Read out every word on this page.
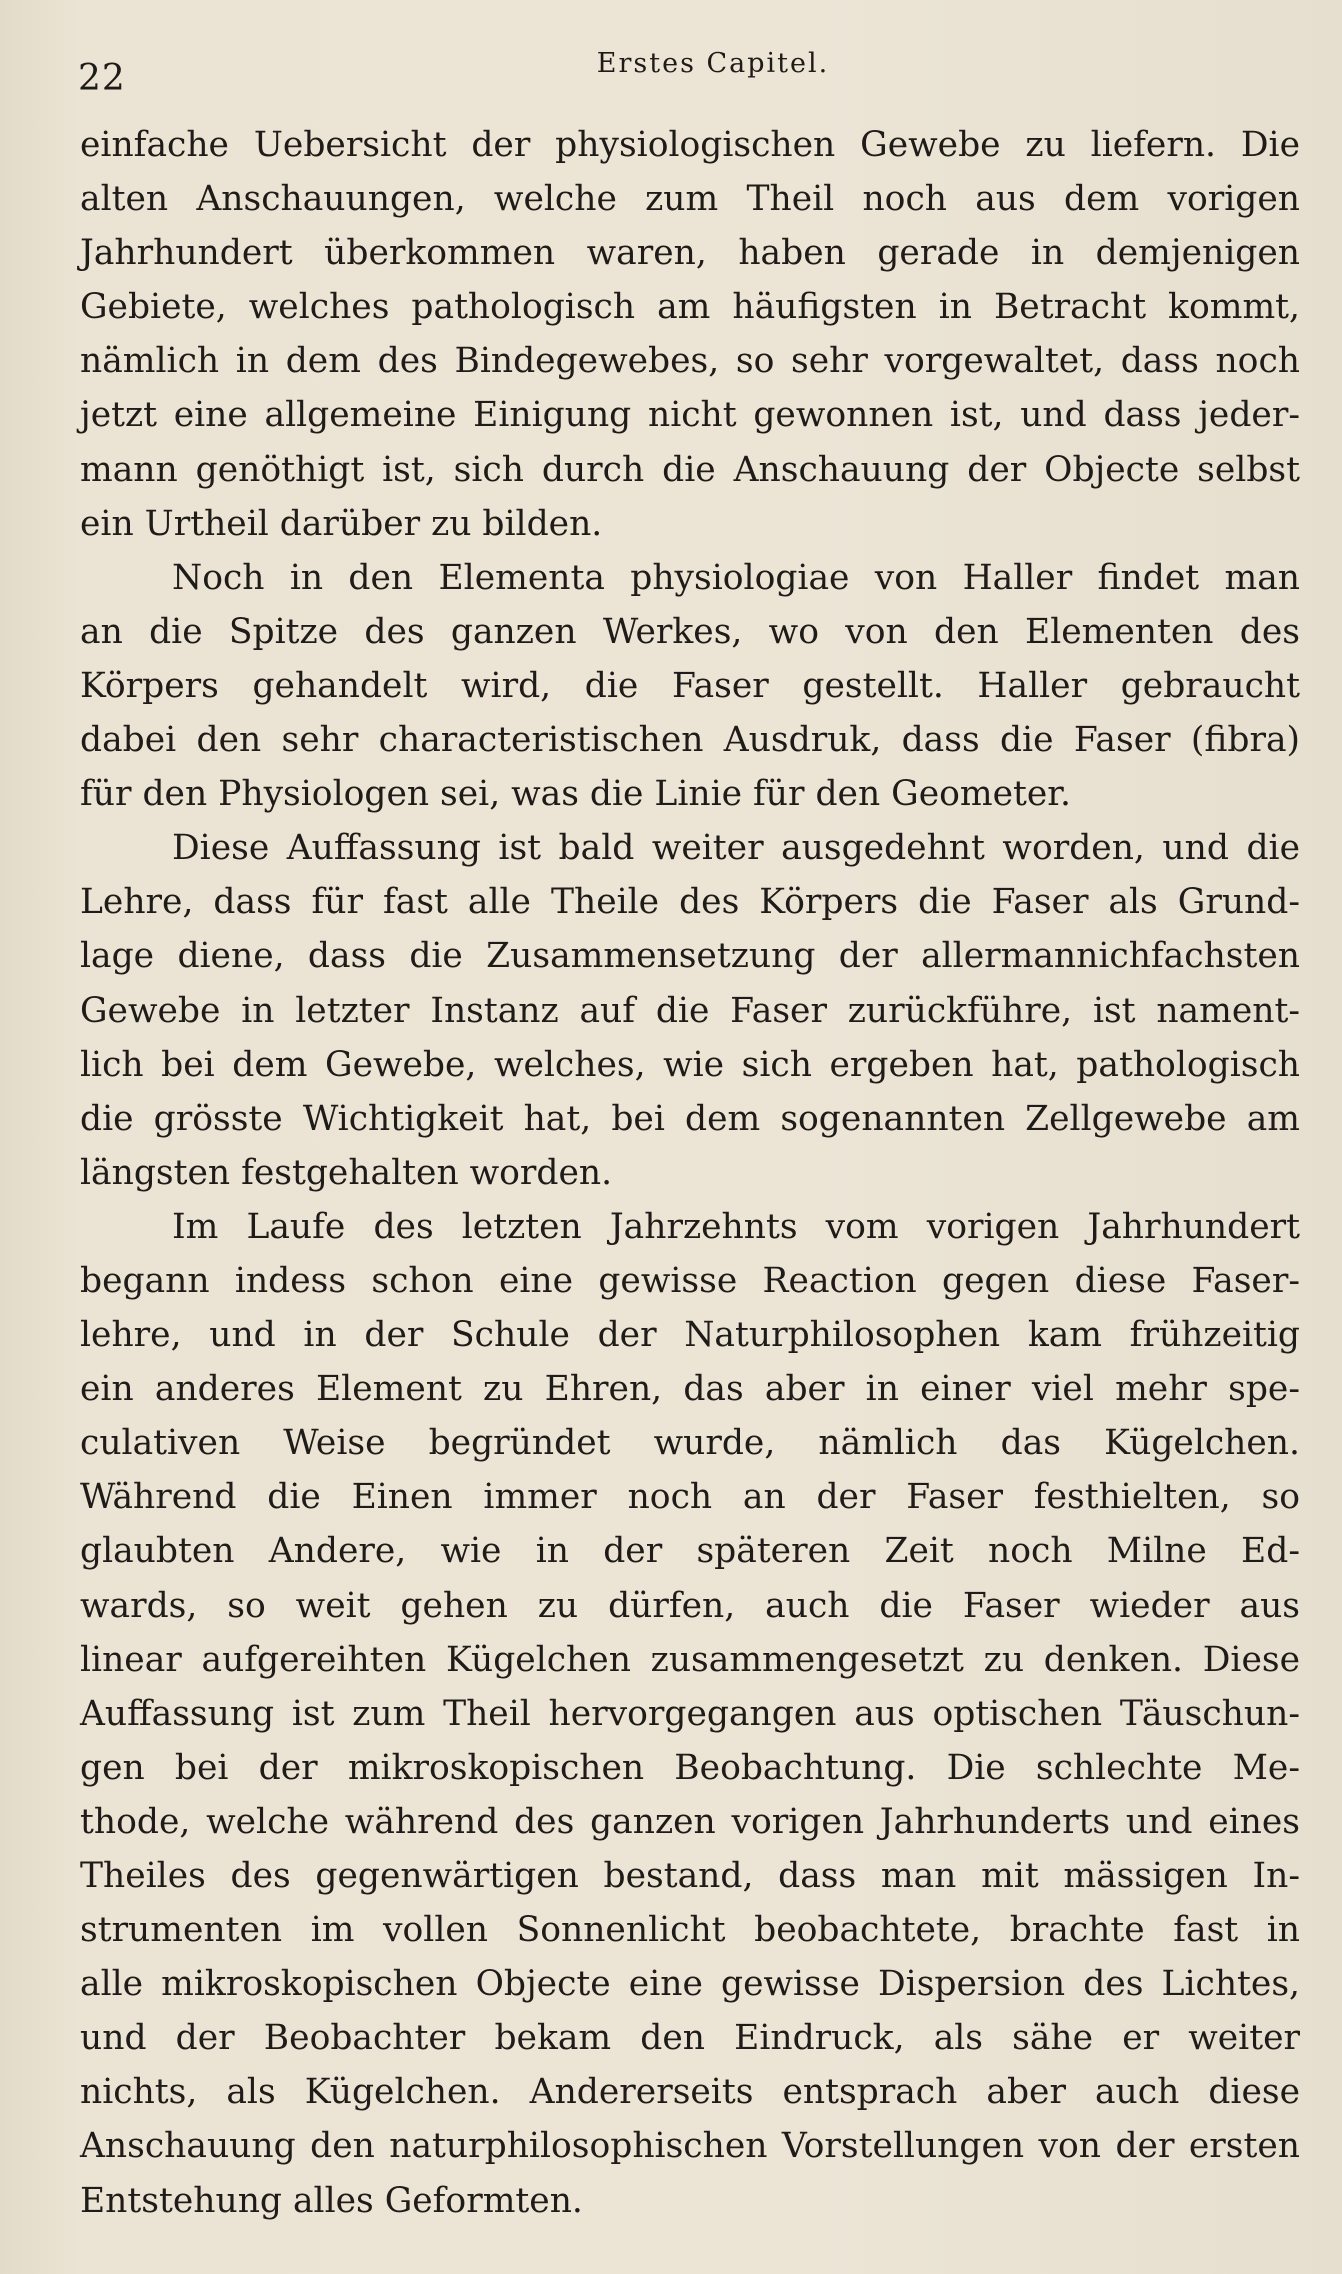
22	Erstes Capitel.
einfache Uebersicht der physiologischen Gewebe zu liefern. Die
alten Anschauungen, welche zum Theil noch aus dem vorigen
Jahrhundert überkommen waren, haben gerade in demjenigen
Gebiete, welches pathologisch am häufigsten in Betracht kommt,
nämlich in dem des Bindegewebes, so sehr vorgewaltet, dass noch
jetzt eine allgemeine Einigung nicht gewonnen ist, und dass jeder-
mann genöthigt ist, sich durch die Anschauung der Objecte selbst
ein Urtheil darüber zu bilden.
Noch in den Elementa physiologiae von Haller findet man
an die Spitze des ganzen Werkes, wo von den Elementen des
Körpers gehandelt wird, die Faser gestellt. Haller gebraucht
dabei den sehr characteristischen Ausdruk, dass die Faser (fibra)
für den Physiologen sei, was die Linie für den Geometer.
Diese Auffassung ist bald weiter ausgedehnt worden, und die
Lehre, dass für fast alle Theile des Körpers die Faser als Grund-
lage diene, dass die Zusammensetzung der allermannichfachsten
Gewebe in letzter Instanz auf die Faser zurückführe, ist nament-
lich bei dem Gewebe, welches, wie sich ergeben hat, pathologisch
die grösste Wichtigkeit hat, bei dem sogenannten Zellgewebe am
längsten festgehalten worden.
Im Laufe des letzten Jahrzehnts vom vorigen Jahrhundert
begann indess schon eine gewisse Reaction gegen diese Faser-
lehre, und in der Schule der Naturphilosophen kam frühzeitig
ein anderes Element zu Ehren, das aber in einer viel mehr spe-
culativen Weise begründet wurde, nämlich das Kügelchen.
Während die Einen immer noch an der Faser festhielten, so
glaubten Andere, wie in der späteren Zeit noch Milne Ed-
wards, so weit gehen zu dürfen, auch die Faser wieder aus
linear aufgereihten Kügelchen zusammengesetzt zu denken. Diese
Auffassung ist zum Theil hervorgegangen aus optischen Täuschun-
gen bei der mikroskopischen Beobachtung. Die schlechte Me-
thode, welche während des ganzen vorigen Jahrhunderts und eines
Theiles des gegenwärtigen bestand, dass man mit mässigen In-
strumenten im vollen Sonnenlicht beobachtete, brachte fast in
alle mikroskopischen Objecte eine gewisse Dispersion des Lichtes,
und der Beobachter bekam den Eindruck, als sähe er weiter
nichts, als Kügelchen. Andererseits entsprach aber auch diese
Anschauung den naturphilosophischen Vorstellungen von der ersten
Entstehung alles Geformten.
